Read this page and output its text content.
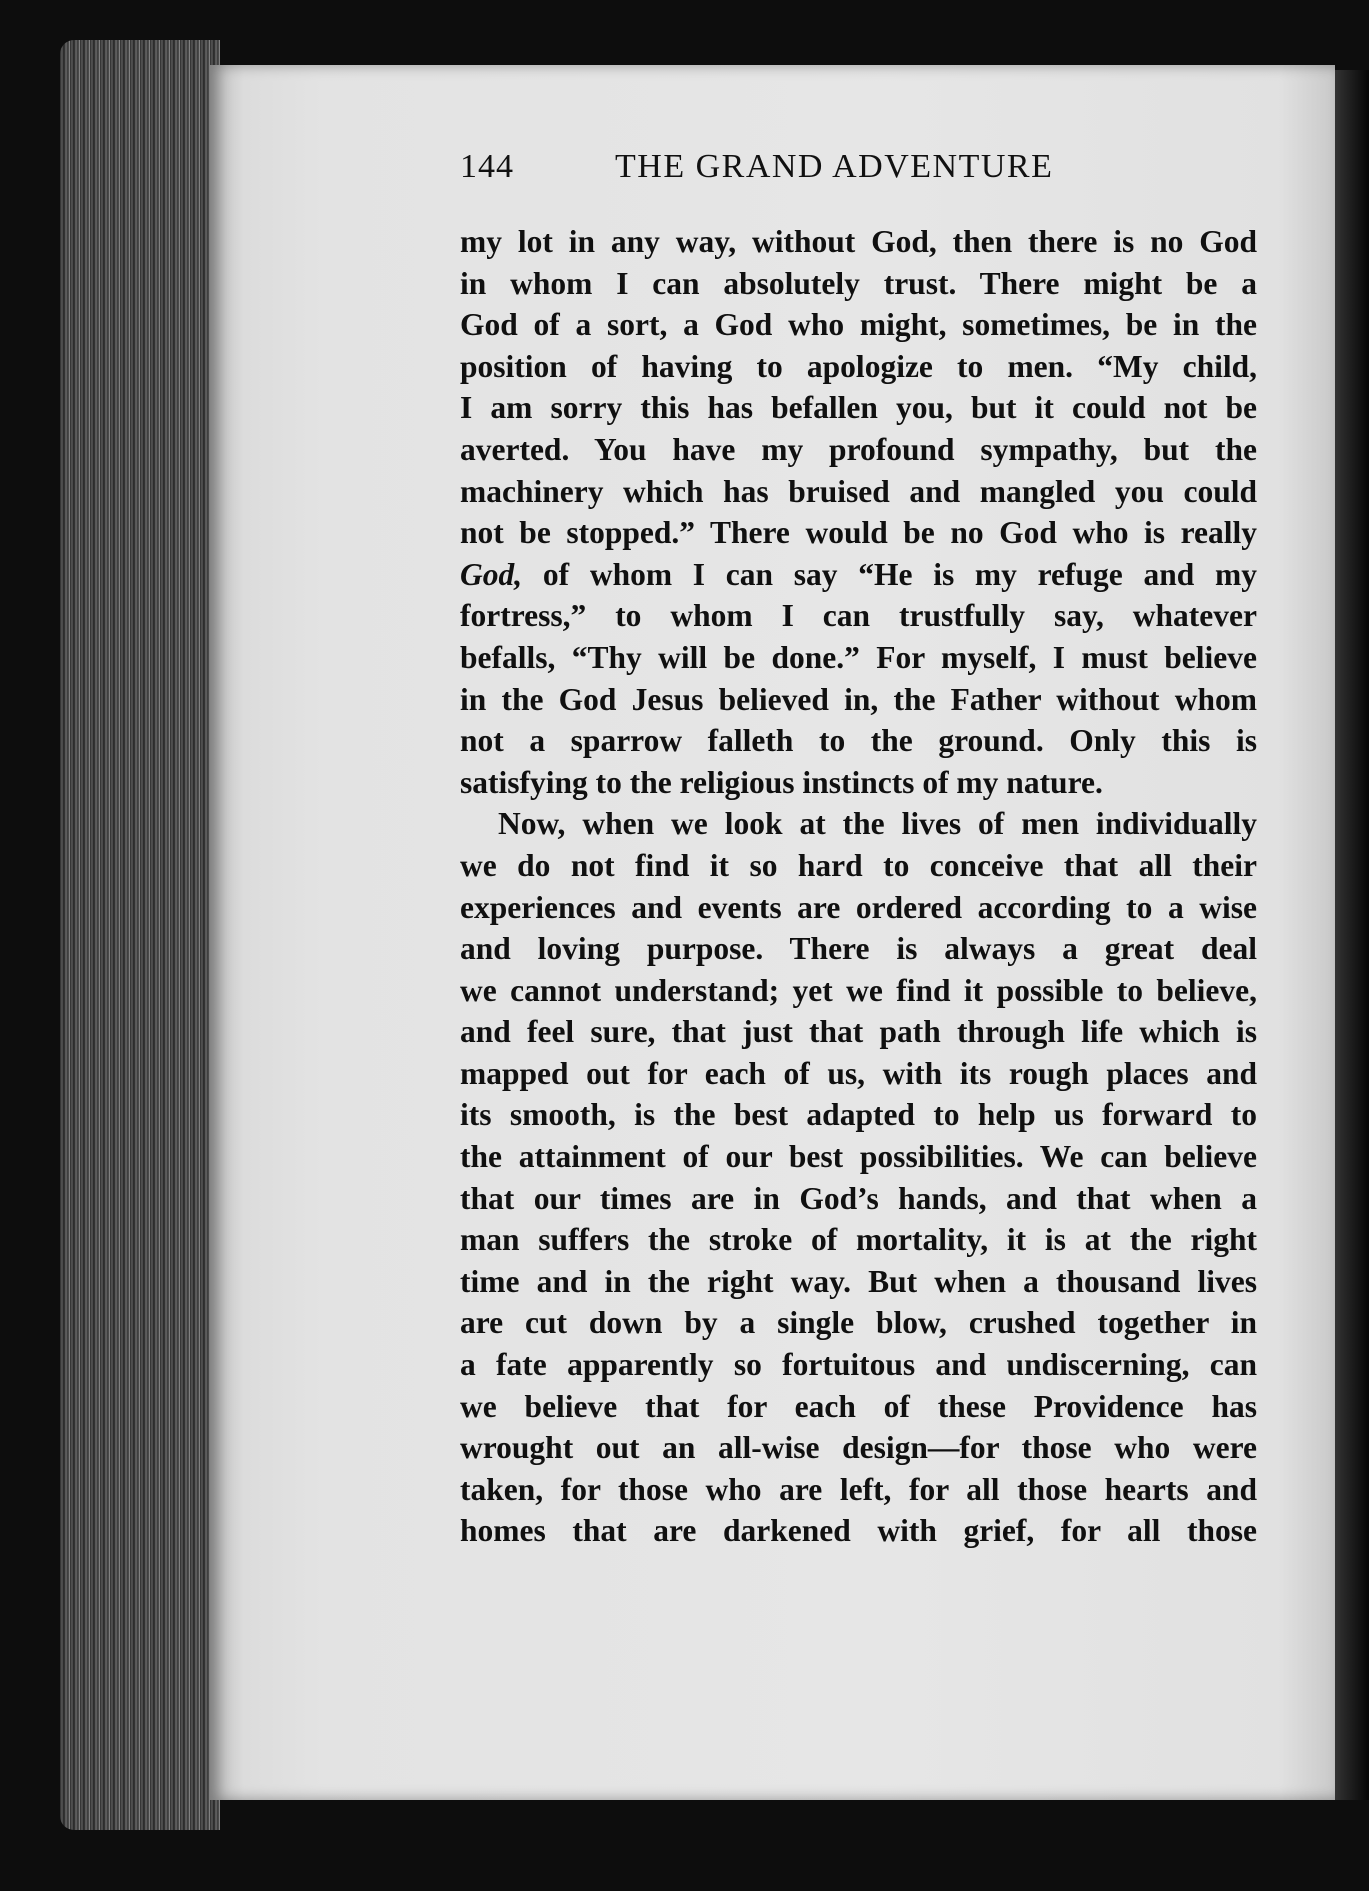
144	THE GRAND ADVENTURE
my lot in any way, without God, then there is no God
in whom I can absolutely trust. There might be a
God of a sort, a God who might, sometimes, be in the
position of having to apologize to men. “My child,
I am sorry this has befallen you, but it could not be
averted. You have my profound sympathy, but the
machinery which has bruised and mangled you could
not be stopped.” There would be no God who is really
God, of whom I can say “He is my refuge and my
fortress,” to whom I can trustfully say, whatever
befalls, “Thy will be done.” For myself, I must believe
in the God Jesus believed in, the Father without whom
not a sparrow falleth to the ground. Only this is
satisfying to the religious instincts of my nature.
Now, when we look at the lives of men individually
we do not find it so hard to conceive that all their
experiences and events are ordered according to a wise
and loving purpose. There is always a great deal
we cannot understand; yet we find it possible to believe,
and feel sure, that just that path through life which is
mapped out for each of us, with its rough places and
its smooth, is the best adapted to help us forward to
the attainment of our best possibilities. We can believe
that our times are in God’s hands, and that when a
man suffers the stroke of mortality, it is at the right
time and in the right way. But when a thousand lives
are cut down by a single blow, crushed together in
a fate apparently so fortuitous and undiscerning, can
we believe that for each of these Providence has
wrought out an all-wise design—for those who were
taken, for those who are left, for all those hearts and
homes that are darkened with grief, for all those
